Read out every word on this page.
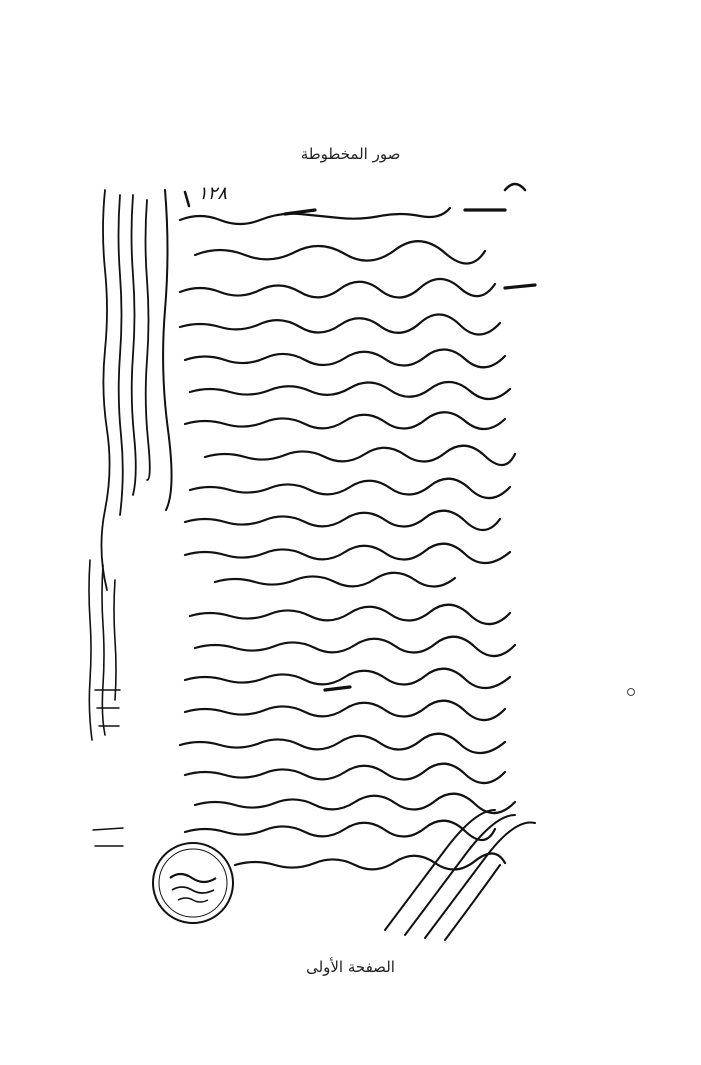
صور المخطوطة
١٢٨
الصفحة الأولى
